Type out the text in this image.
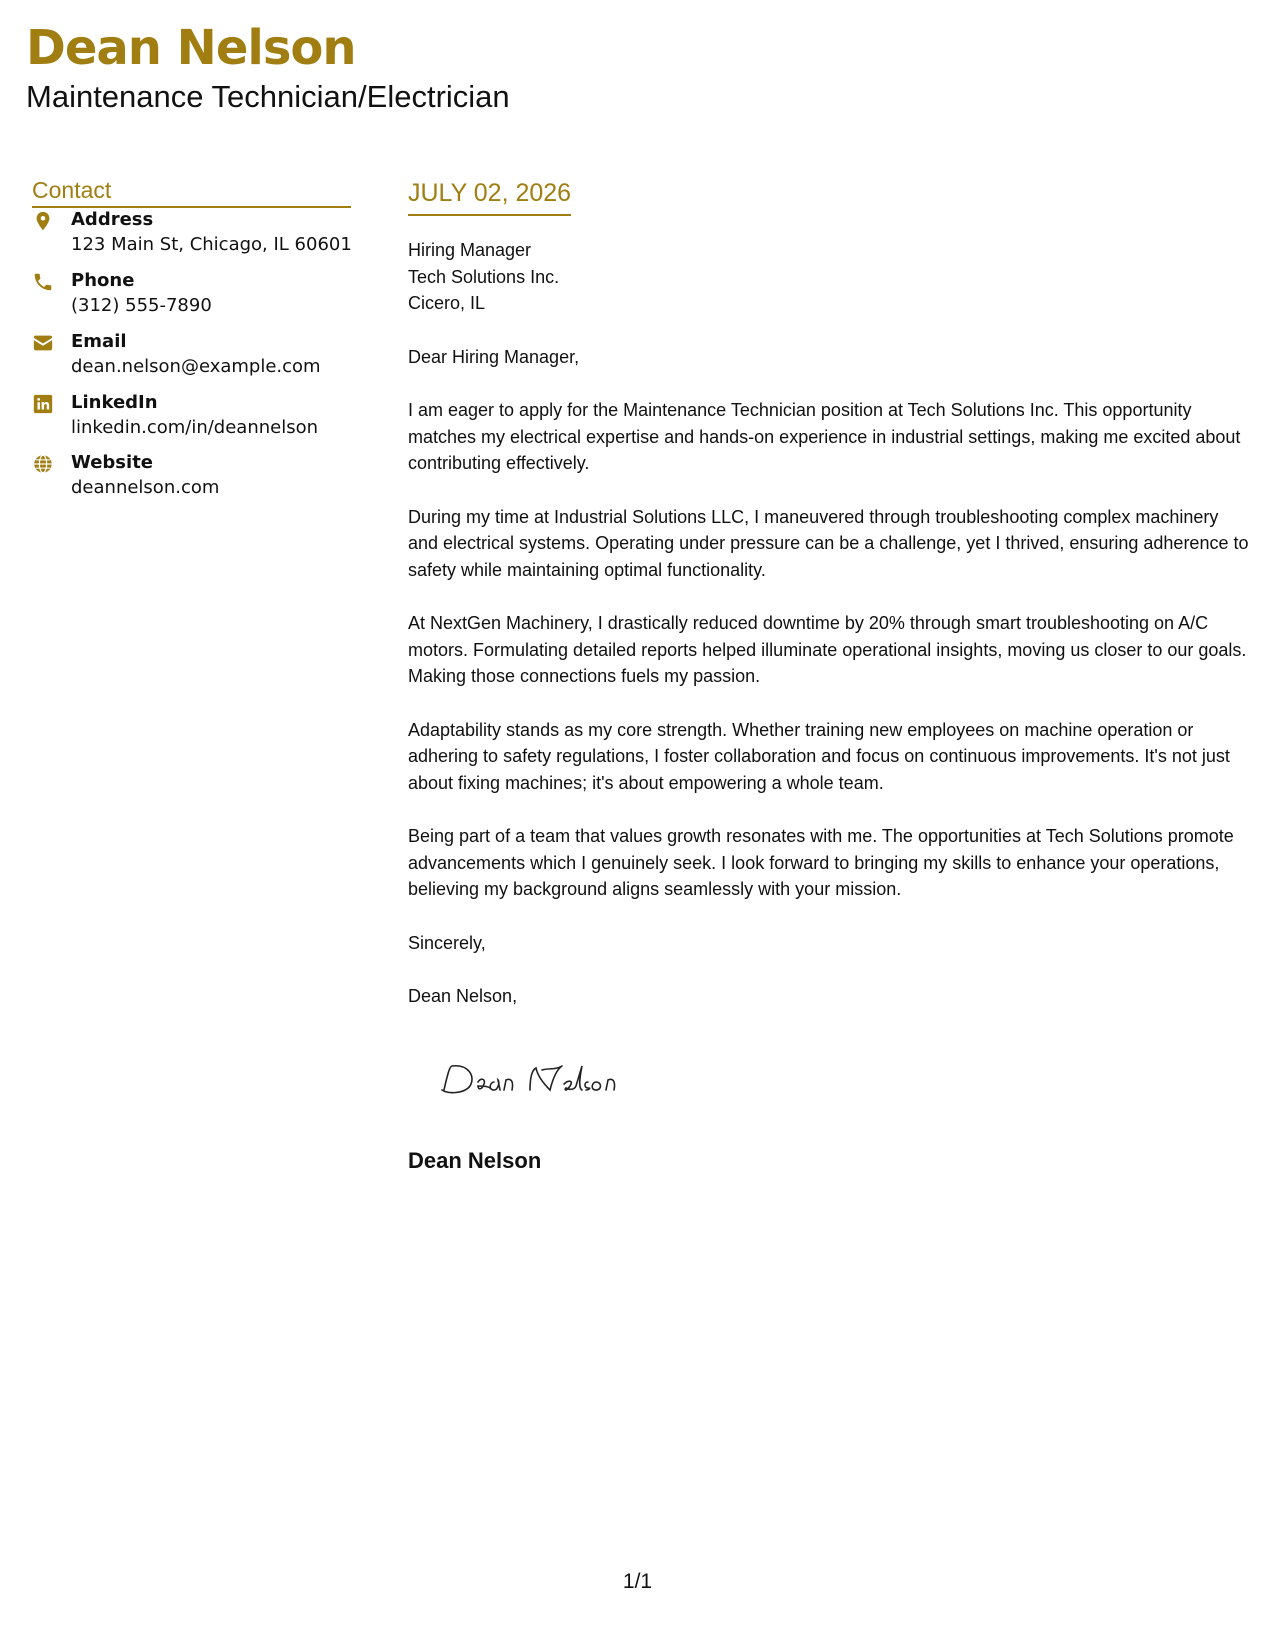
Dean Nelson
Maintenance Technician/Electrician
Contact
Address
123 Main St, Chicago, IL 60601
Phone
(312) 555-7890
Email
dean.nelson@example.com
LinkedIn
linkedin.com/in/deannelson
Website
deannelson.com
JULY 02, 2026

Hiring Manager

Tech Solutions Inc.

Cicero, IL

Dear Hiring Manager,

I am eager to apply for the Maintenance Technician position at Tech Solutions Inc. This opportunity matches my electrical expertise and hands-on experience in industrial settings, making me excited about contributing effectively.

During my time at Industrial Solutions LLC, I maneuvered through troubleshooting complex machinery and electrical systems. Operating under pressure can be a challenge, yet I thrived, ensuring adherence to safety while maintaining optimal functionality.

At NextGen Machinery, I drastically reduced downtime by 20% through smart troubleshooting on A/C motors. Formulating detailed reports helped illuminate operational insights, moving us closer to our goals. Making those connections fuels my passion.

Adaptability stands as my core strength. Whether training new employees on machine operation or adhering to safety regulations, I foster collaboration and focus on continuous improvements. It's not just about fixing machines; it's about empowering a whole team.

Being part of a team that values growth resonates with me. The opportunities at Tech Solutions promote advancements which I genuinely seek. I look forward to bringing my skills to enhance your operations, believing my background aligns seamlessly with your mission.

Sincerely,

Dean Nelson,

Dean Nelson
1/1
